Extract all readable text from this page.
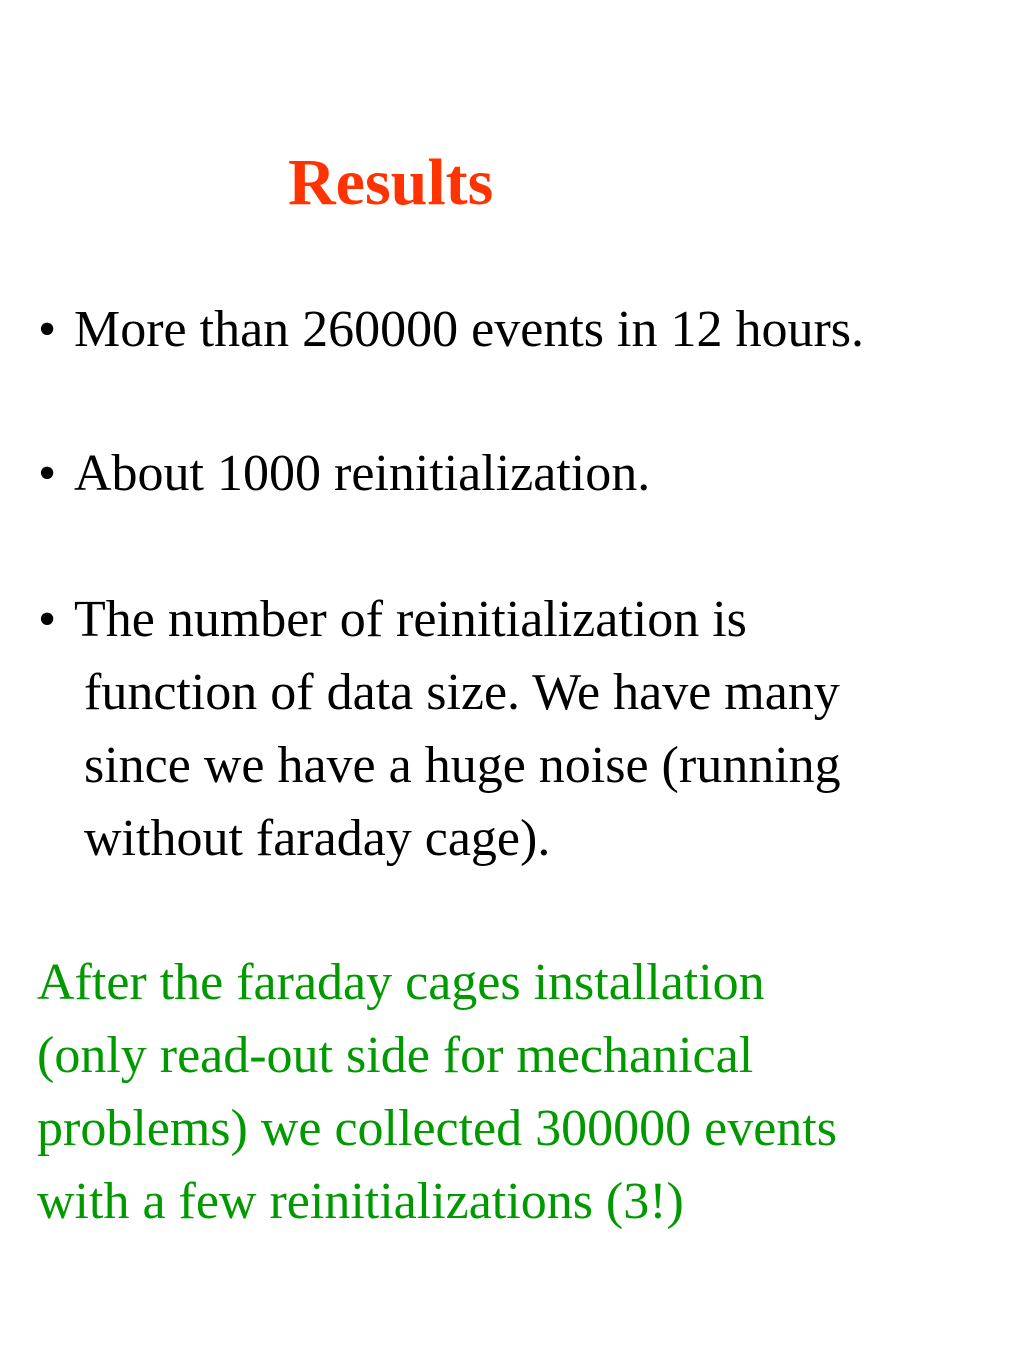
Results
• More than 260000 events in 12 hours.
• About 1000 reinitialization.
• The number of reinitialization is
function of data size. We have many
since we have a huge noise (running
without faraday cage).
After the faraday cages installation
(only read-out side for mechanical
problems) we collected 300000 events
with a few reinitializations (3!)
